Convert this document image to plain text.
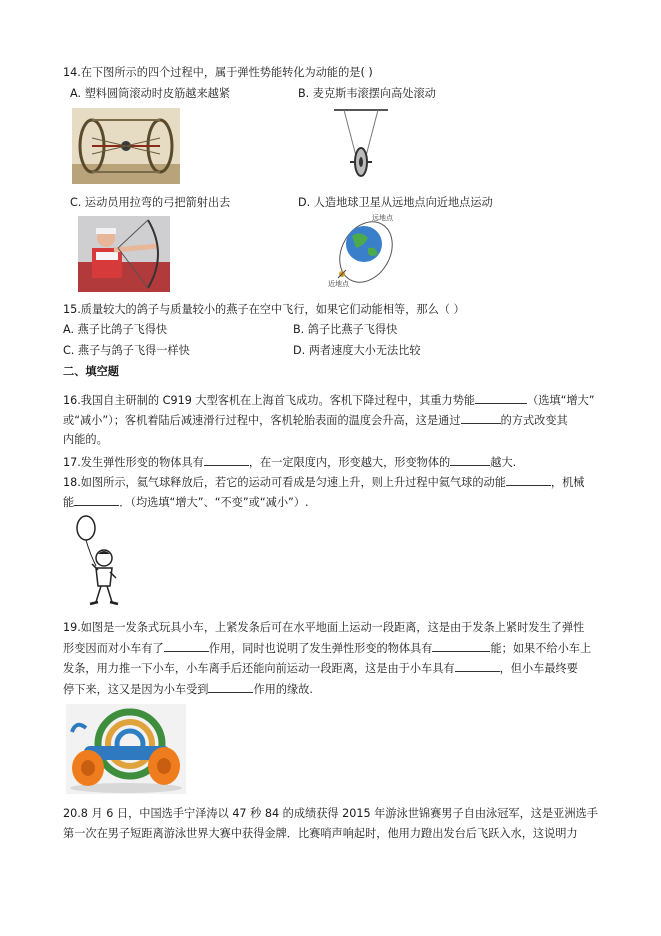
14.在下图所示的四个过程中，属于弹性势能转化为动能的是( )
A. 塑料圆筒滚动时皮筋越来越紧	B. 麦克斯韦滚摆向高处滚动
C. 运动员用拉弯的弓把箭射出去	D. 人造地球卫星从远地点向近地点运动
远地点
近地点
15.质量较大的鸽子与质量较小的燕子在空中飞行，如果它们动能相等，那么（ ）
A. 燕子比鸽子飞得快	B. 鸽子比燕子飞得快
C. 燕子与鸽子飞得一样快	D. 两者速度大小无法比较
二、填空题
16.我国自主研制的 C919 大型客机在上海首飞成功。客机下降过程中，其重力势能	（选填“增大”
或“减小”）；客机着陆后减速滑行过程中，客机轮胎表面的温度会升高，这是通过	的方式改变其
内能的。
17.发生弹性形变的物体具有	，在一定限度内，形变越大，形变物体的	越大.
18.如图所示，氦气球释放后，若它的运动可看成是匀速上升，则上升过程中氦气球的动能	，机械
能	．（均选填“增大”、“不变”或“减小”）.
19.如图是一发条式玩具小车，上紧发条后可在水平地面上运动一段距离，这是由于发条上紧时发生了弹性
形变因而对小车有了	作用，同时也说明了发生弹性形变的物体具有	能；如果不给小车上
发条，用力推一下小车，小车离手后还能向前运动一段距离，这是由于小车具有	，但小车最终要
停下来，这又是因为小车受到	作用的缘故.
20.8 月 6 日，中国选手宁泽涛以 47 秒 84 的成绩获得 2015 年游泳世锦赛男子自由泳冠军，这是亚洲选手
第一次在男子短距离游泳世界大赛中获得金牌．比赛哨声响起时，他用力蹬出发台后飞跃入水，这说明力
